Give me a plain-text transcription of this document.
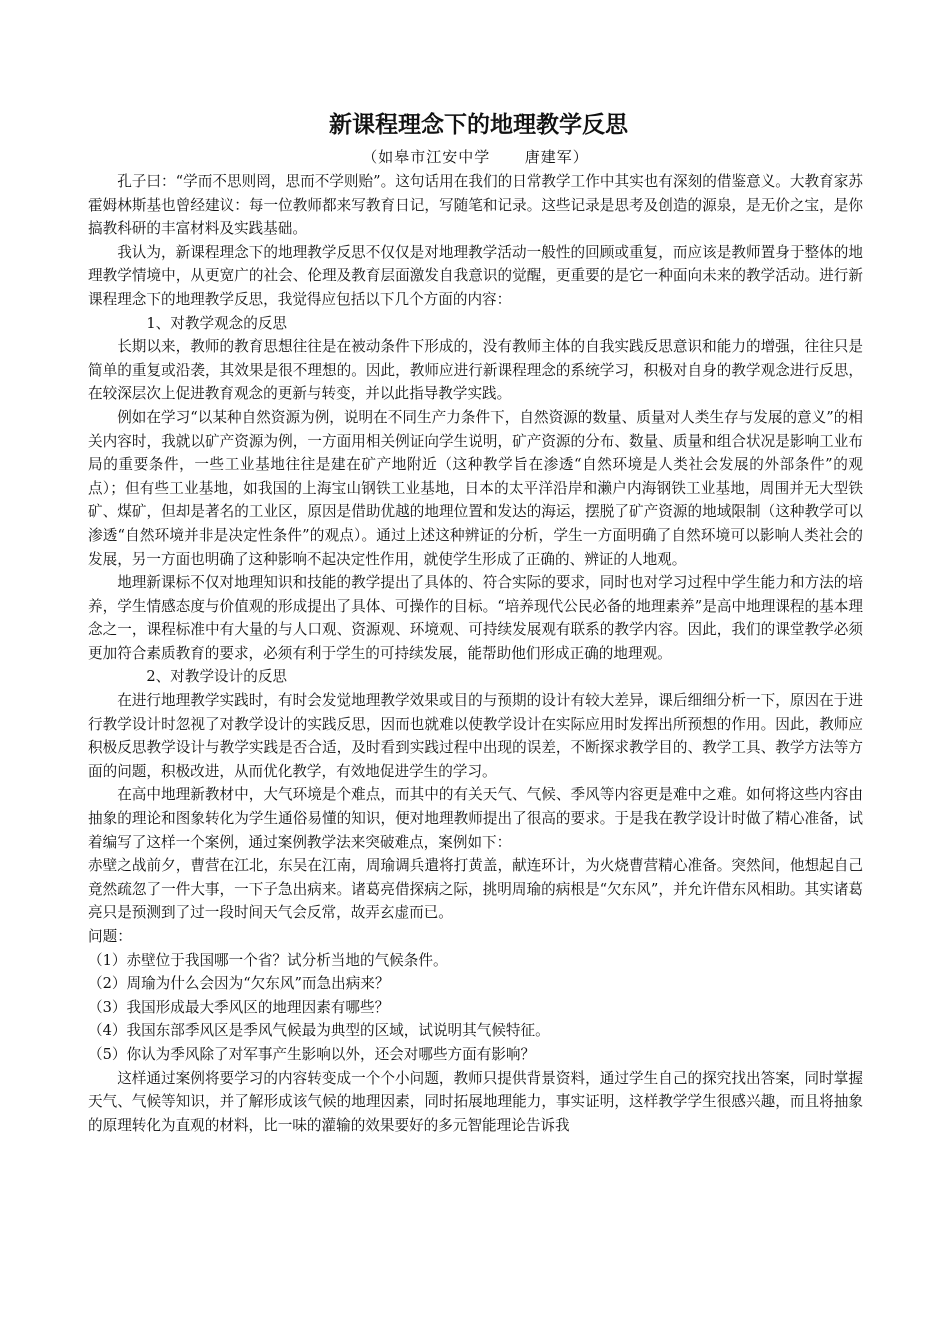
新课程理念下的地理教学反思
（如皋市江安中学      唐建军）

孔子曰：“学而不思则罔，思而不学则贻”。这句话用在我们的日常教学工作中其实也有深刻的借鉴意义。大教育家苏霍姆林斯基也曾经建议：每一位教师都来写教育日记，写随笔和记录。这些记录是思考及创造的源泉，是无价之宝，是你搞教科研的丰富材料及实践基础。

我认为，新课程理念下的地理教学反思不仅仅是对地理教学活动一般性的回顾或重复，而应该是教师置身于整体的地理教学情境中，从更宽广的社会、伦理及教育层面激发自我意识的觉醒，更重要的是它一种面向未来的教学活动。进行新课程理念下的地理教学反思，我觉得应包括以下几个方面的内容：

1、对教学观念的反思

长期以来，教师的教育思想往往是在被动条件下形成的，没有教师主体的自我实践反思意识和能力的增强，往往只是简单的重复或沿袭，其效果是很不理想的。因此，教师应进行新课程理念的系统学习，积极对自身的教学观念进行反思，在较深层次上促进教育观念的更新与转变，并以此指导教学实践。

例如在学习“以某种自然资源为例，说明在不同生产力条件下，自然资源的数量、质量对人类生存与发展的意义”的相关内容时，我就以矿产资源为例，一方面用相关例证向学生说明，矿产资源的分布、数量、质量和组合状况是影响工业布局的重要条件，一些工业基地往往是建在矿产地附近（这种教学旨在渗透“自然环境是人类社会发展的外部条件”的观点）；但有些工业基地，如我国的上海宝山钢铁工业基地，日本的太平洋沿岸和濑户内海钢铁工业基地，周围并无大型铁矿、煤矿，但却是著名的工业区，原因是借助优越的地理位置和发达的海运，摆脱了矿产资源的地域限制（这种教学可以渗透“自然环境并非是决定性条件”的观点）。通过上述这种辨证的分析，学生一方面明确了自然环境可以影响人类社会的发展，另一方面也明确了这种影响不起决定性作用，就使学生形成了正确的、辨证的人地观。

地理新课标不仅对地理知识和技能的教学提出了具体的、符合实际的要求，同时也对学习过程中学生能力和方法的培养，学生情感态度与价值观的形成提出了具体、可操作的目标。“培养现代公民必备的地理素养”是高中地理课程的基本理念之一，课程标准中有大量的与人口观、资源观、环境观、可持续发展观有联系的教学内容。因此，我们的课堂教学必须更加符合素质教育的要求，必须有利于学生的可持续发展，能帮助他们形成正确的地理观。

2、对教学设计的反思

在进行地理教学实践时，有时会发觉地理教学效果或目的与预期的设计有较大差异，课后细细分析一下，原因在于进行教学设计时忽视了对教学设计的实践反思，因而也就难以使教学设计在实际应用时发挥出所预想的作用。因此，教师应积极反思教学设计与教学实践是否合适，及时看到实践过程中出现的误差，不断探求教学目的、教学工具、教学方法等方面的问题，积极改进，从而优化教学，有效地促进学生的学习。

在高中地理新教材中，大气环境是个难点，而其中的有关天气、气候、季风等内容更是难中之难。如何将这些内容由抽象的理论和图象转化为学生通俗易懂的知识，便对地理教师提出了很高的要求。于是我在教学设计时做了精心准备，试着编写了这样一个案例，通过案例教学法来突破难点，案例如下：

赤壁之战前夕，曹营在江北，东吴在江南，周瑜调兵遣将打黄盖，献连环计，为火烧曹营精心准备。突然间，他想起自己竟然疏忽了一件大事，一下子急出病来。诸葛亮借探病之际，挑明周瑜的病根是“欠东风”，并允许借东风相助。其实诸葛亮只是预测到了过一段时间天气会反常，故弄玄虚而已。

问题：

（1）赤壁位于我国哪一个省？试分析当地的气候条件。

（2）周瑜为什么会因为“欠东风”而急出病来？

（3）我国形成最大季风区的地理因素有哪些？

（4）我国东部季风区是季风气候最为典型的区域，试说明其气候特征。

（5）你认为季风除了对军事产生影响以外，还会对哪些方面有影响？

这样通过案例将要学习的内容转变成一个个小问题，教师只提供背景资料，通过学生自己的探究找出答案，同时掌握天气、气候等知识，并了解形成该气候的地理因素，同时拓展地理能力，事实证明，这样教学学生很感兴趣，而且将抽象的原理转化为直观的材料，比一味的灌输的效果要好的多元智能理论告诉我
